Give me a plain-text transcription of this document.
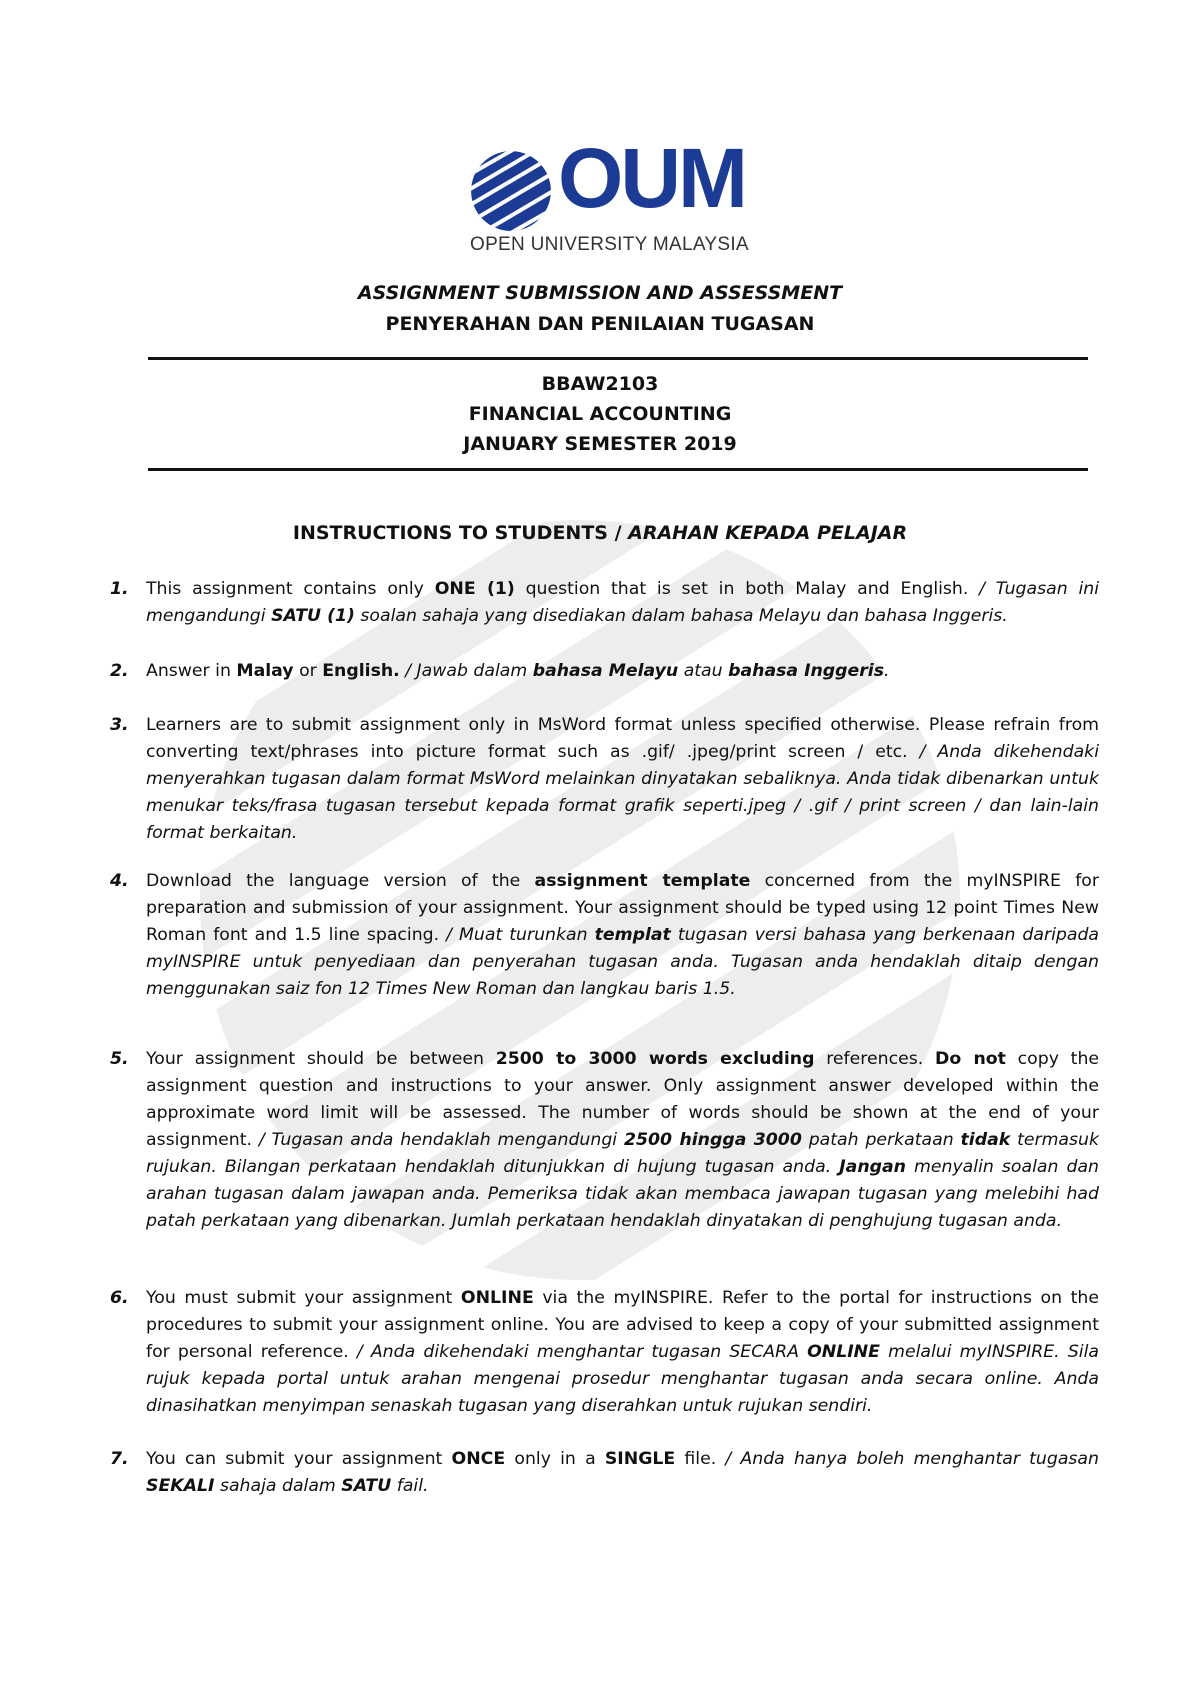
OUM
OPEN UNIVERSITY MALAYSIA
ASSIGNMENT SUBMISSION AND ASSESSMENT
PENYERAHAN DAN PENILAIAN TUGASAN
BBAW2103
FINANCIAL ACCOUNTING
JANUARY SEMESTER 2019
INSTRUCTIONS TO STUDENTS / ARAHAN KEPADA PELAJAR
1. This assignment contains only ONE (1) question that is set in both Malay and English. / Tugasan ini mengandungi SATU (1) soalan sahaja yang disediakan dalam bahasa Melayu dan bahasa Inggeris.
2. Answer in Malay or English. / Jawab dalam bahasa Melayu atau bahasa Inggeris.
3. Learners are to submit assignment only in MsWord format unless specified otherwise. Please refrain from converting text/phrases into picture format such as .gif/ .jpeg/print screen / etc. / Anda dikehendaki menyerahkan tugasan dalam format MsWord melainkan dinyatakan sebaliknya. Anda tidak dibenarkan untuk menukar teks/frasa tugasan tersebut kepada format grafik seperti.jpeg / .gif / print screen / dan lain-lain format berkaitan.
4. Download the language version of the assignment template concerned from the myINSPIRE for preparation and submission of your assignment. Your assignment should be typed using 12 point Times New Roman font and 1.5 line spacing. / Muat turunkan templat tugasan versi bahasa yang berkenaan daripada myINSPIRE untuk penyediaan dan penyerahan tugasan anda. Tugasan anda hendaklah ditaip dengan menggunakan saiz fon 12 Times New Roman dan langkau baris 1.5.
5. Your assignment should be between 2500 to 3000 words excluding references. Do not copy the assignment question and instructions to your answer. Only assignment answer developed within the approximate word limit will be assessed. The number of words should be shown at the end of your assignment. / Tugasan anda hendaklah mengandungi 2500 hingga 3000 patah perkataan tidak termasuk rujukan. Bilangan perkataan hendaklah ditunjukkan di hujung tugasan anda. Jangan menyalin soalan dan arahan tugasan dalam jawapan anda. Pemeriksa tidak akan membaca jawapan tugasan yang melebihi had patah perkataan yang dibenarkan. Jumlah perkataan hendaklah dinyatakan di penghujung tugasan anda.
6. You must submit your assignment ONLINE via the myINSPIRE. Refer to the portal for instructions on the procedures to submit your assignment online. You are advised to keep a copy of your submitted assignment for personal reference. / Anda dikehendaki menghantar tugasan SECARA ONLINE melalui myINSPIRE. Sila rujuk kepada portal untuk arahan mengenai prosedur menghantar tugasan anda secara online. Anda dinasihatkan menyimpan senaskah tugasan yang diserahkan untuk rujukan sendiri.
7. You can submit your assignment ONCE only in a SINGLE file. / Anda hanya boleh menghantar tugasan SEKALI sahaja dalam SATU fail.
